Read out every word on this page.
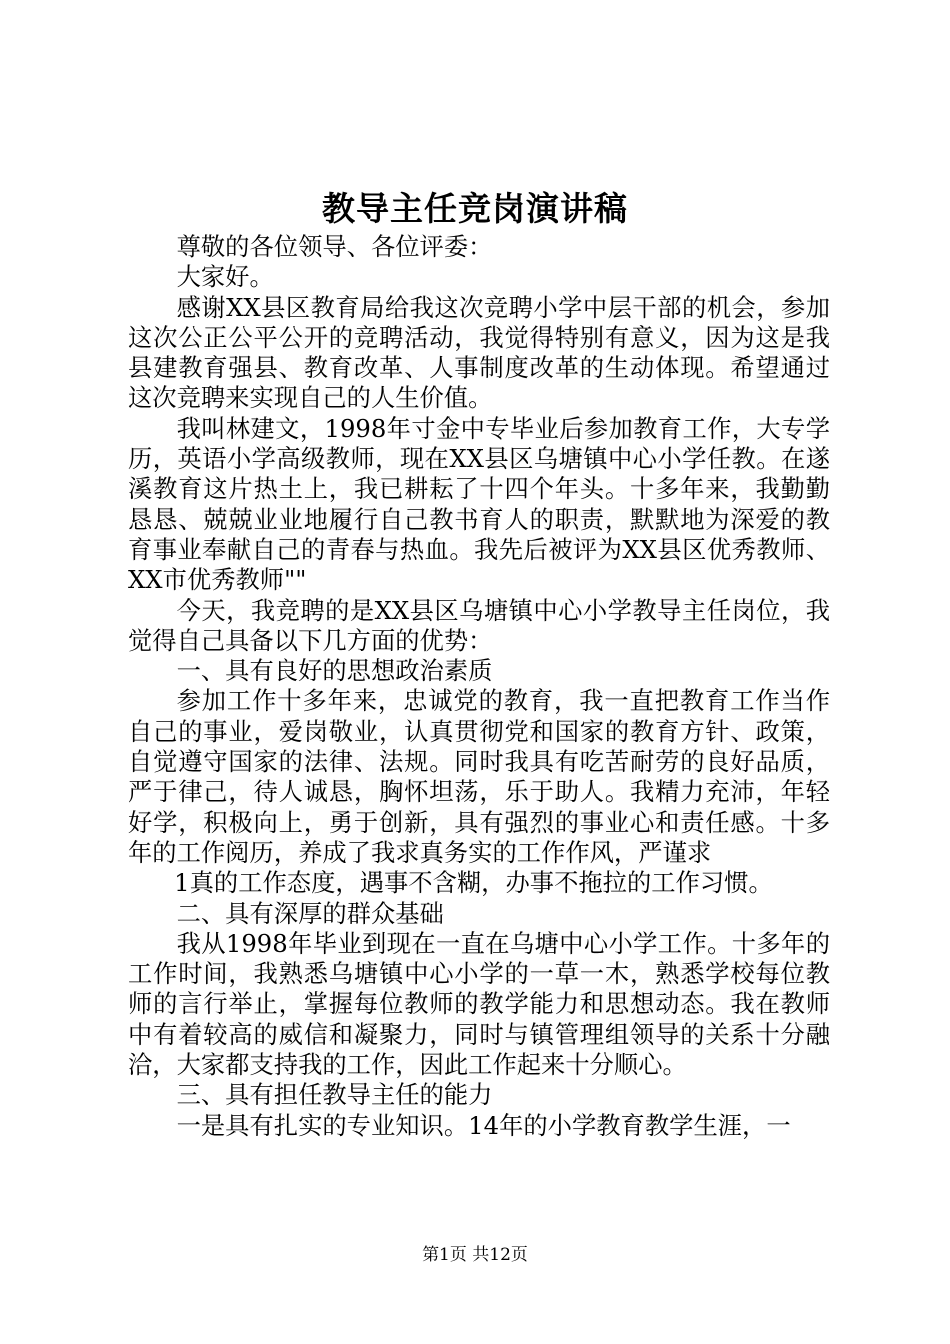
教导主任竞岗演讲稿

尊敬的各位领导、各位评委：

大家好。

感谢XX县区教育局给我这次竞聘小学中层干部的机会，参加这次公正公平公开的竞聘活动，我觉得特别有意义，因为这是我县建教育强县、教育改革、人事制度改革的生动体现。希望通过这次竞聘来实现自己的人生价值。

我叫林建文，1998年寸金中专毕业后参加教育工作，大专学历，英语小学高级教师，现在XX县区乌塘镇中心小学任教。在遂溪教育这片热土上，我已耕耘了十四个年头。十多年来，我勤勤恳恳、兢兢业业地履行自己教书育人的职责，默默地为深爱的教育事业奉献自己的青春与热血。我先后被评为XX县区优秀教师、XX市优秀教师""

今天，我竞聘的是XX县区乌塘镇中心小学教导主任岗位，我觉得自己具备以下几方面的优势：

一、具有良好的思想政治素质

参加工作十多年来，忠诚党的教育，我一直把教育工作当作自己的事业，爱岗敬业，认真贯彻党和国家的教育方针、政策，自觉遵守国家的法律、法规。同时我具有吃苦耐劳的良好品质，严于律己，待人诚恳，胸怀坦荡，乐于助人。我精力充沛，年轻好学，积极向上，勇于创新，具有强烈的事业心和责任感。十多年的工作阅历，养成了我求真务实的工作作风，严谨求

1真的工作态度，遇事不含糊，办事不拖拉的工作习惯。

二、具有深厚的群众基础

我从1998年毕业到现在一直在乌塘中心小学工作。十多年的工作时间，我熟悉乌塘镇中心小学的一草一木，熟悉学校每位教师的言行举止，掌握每位教师的教学能力和思想动态。我在教师中有着较高的威信和凝聚力，同时与镇管理组领导的关系十分融洽，大家都支持我的工作，因此工作起来十分顺心。

三、具有担任教导主任的能力

一是具有扎实的专业知识。14年的小学教育教学生涯，一

第1页 共12页
